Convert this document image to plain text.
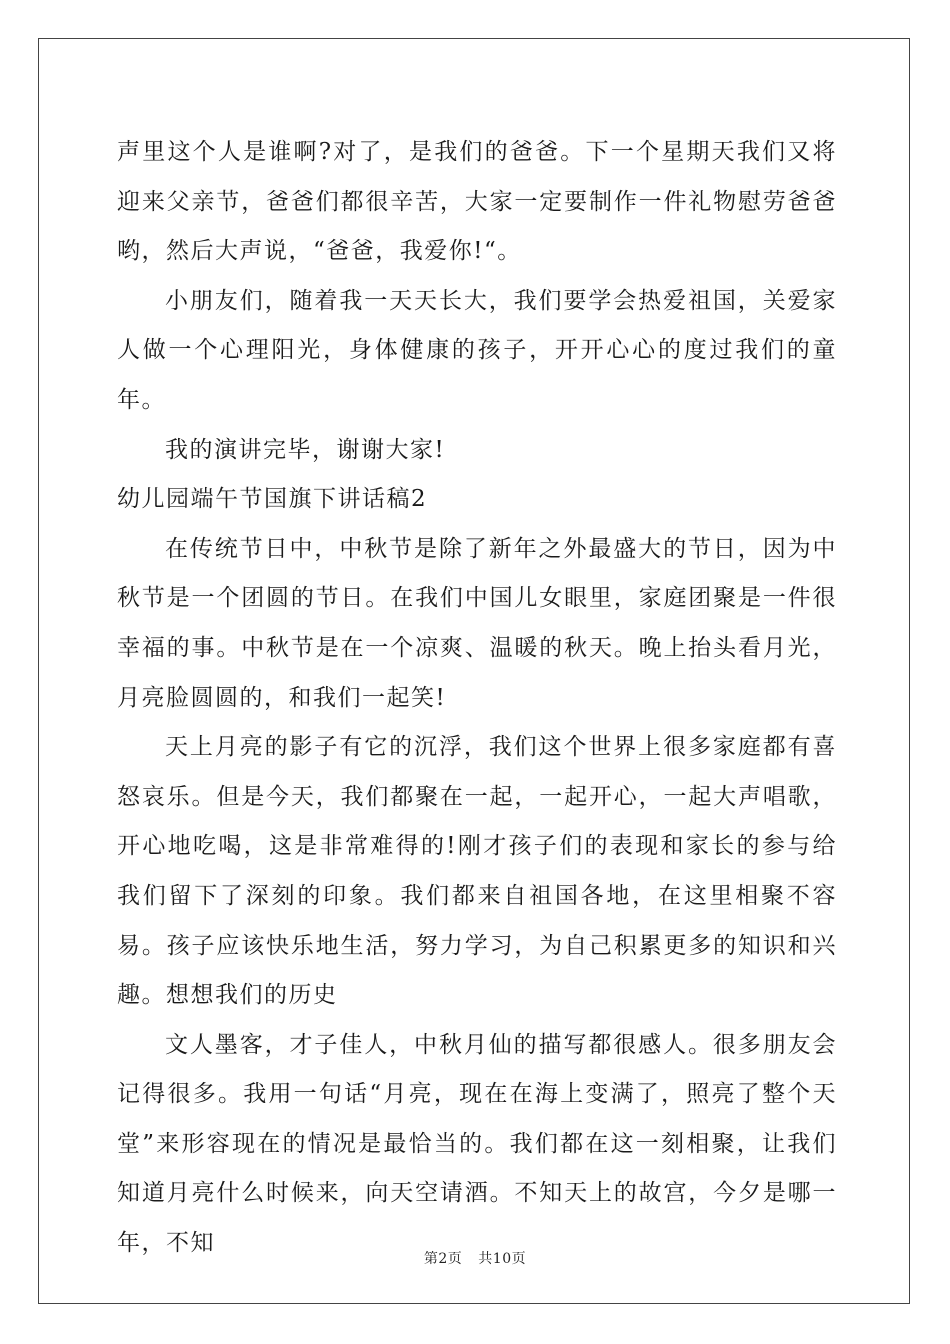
声里这个人是谁啊?对了，是我们的爸爸。下一个星期天我们又将迎来父亲节，爸爸们都很辛苦，大家一定要制作一件礼物慰劳爸爸哟，然后大声说，“爸爸，我爱你!“。

小朋友们，随着我一天天长大，我们要学会热爱祖国，关爱家人做一个心理阳光，身体健康的孩子，开开心心的度过我们的童年。

我的演讲完毕，谢谢大家!

幼儿园端午节国旗下讲话稿2

在传统节日中，中秋节是除了新年之外最盛大的节日，因为中秋节是一个团圆的节日。在我们中国儿女眼里，家庭团聚是一件很幸福的事。中秋节是在一个凉爽、温暖的秋天。晚上抬头看月光，月亮脸圆圆的，和我们一起笑!

天上月亮的影子有它的沉浮，我们这个世界上很多家庭都有喜怒哀乐。但是今天，我们都聚在一起，一起开心，一起大声唱歌，开心地吃喝，这是非常难得的!刚才孩子们的表现和家长的参与给我们留下了深刻的印象。我们都来自祖国各地，在这里相聚不容易。孩子应该快乐地生活，努力学习，为自己积累更多的知识和兴趣。想想我们的历史

文人墨客，才子佳人，中秋月仙的描写都很感人。很多朋友会记得很多。我用一句话“月亮，现在在海上变满了，照亮了整个天堂”来形容现在的情况是最恰当的。我们都在这一刻相聚，让我们知道月亮什么时候来，向天空请酒。不知天上的故宫，今夕是哪一年，不知

第2页 共10页
